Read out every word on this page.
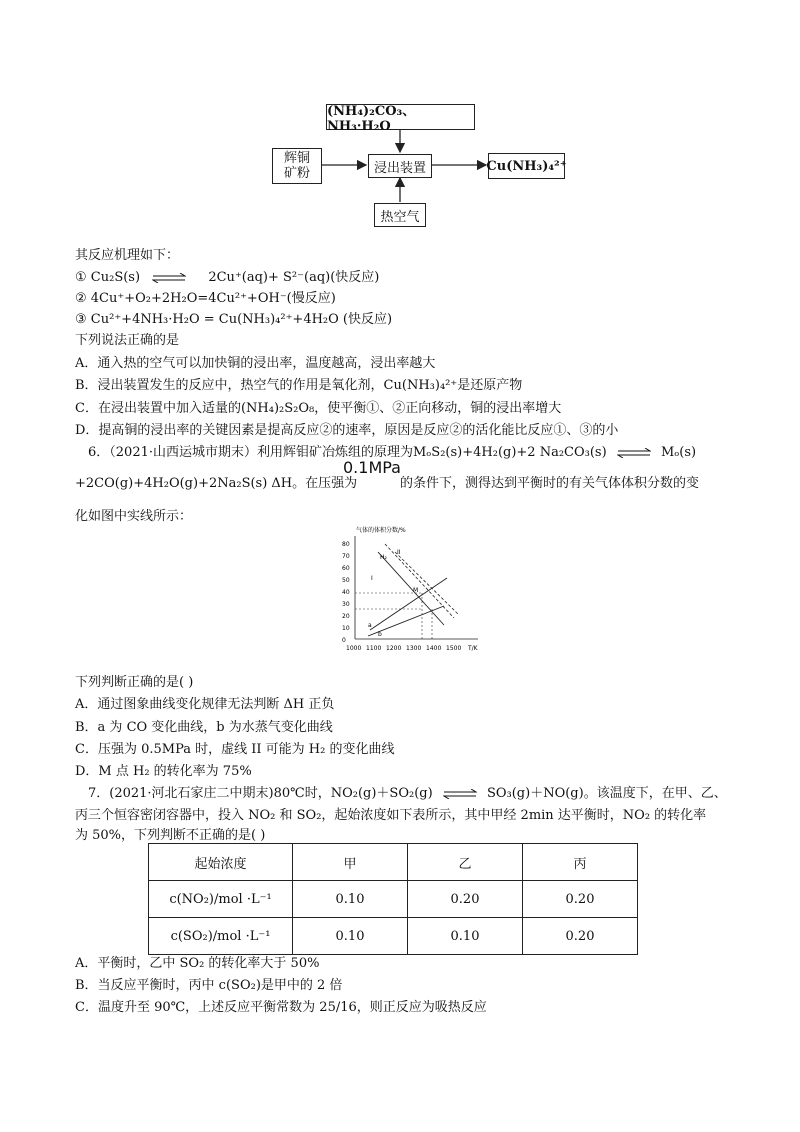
(NH₄)₂CO₃、NH₃·H₂O
辉铜
矿粉	浸出装置	Cu(NH₃)₄²⁺
热空气
其反应机理如下：
① Cu₂S(s) ⇌ 2Cu⁺(aq)+ S²⁻(aq)(快反应)
② 4Cu⁺+O₂+2H₂O=4Cu²⁺+OH⁻(慢反应)
③ Cu²⁺+4NH₃·H₂O = Cu(NH₃)₄²⁺+4H₂O (快反应)
下列说法正确的是
A．通入热的空气可以加快铜的浸出率，温度越高，浸出率越大
B．浸出装置发生的反应中，热空气的作用是氧化剂，Cu(NH₃)₄²⁺是还原产物
C．在浸出装置中加入适量的(NH₄)₂S₂O₈，使平衡①、②正向移动，铜的浸出率增大
D．提高铜的浸出率的关键因素是提高反应②的速率，原因是反应②的活化能比反应①、③的小
6．（2021·山西运城市期末）利用辉钼矿冶炼组的原理为MₒS₂(s)+4H₂(g)+2 Na₂CO₃(s) ⇌ Mₒ(s)
+2CO(g)+4H₂O(g)+2Na₂S(s) ΔH。在压强为
0.1MPa
的条件下，测得达到平衡时的有关气体体积分数的变
化如图中实线所示：
气体的体积分数/%
0
10
20
30
40
50
60
70
80
1000 1100 1200 1300 1400 1500 T/K
H₂
II
I
M
a
b
下列判断正确的是( )
A．通过图象曲线变化规律无法判断 ΔH 正负
B．a 为 CO 变化曲线，b 为水蒸气变化曲线
C．压强为 0.5MPa 时，虚线 II 可能为 H₂ 的变化曲线
D．M 点 H₂ 的转化率为 75%
7．(2021·河北石家庄二中期末)80℃时，NO₂(g)＋SO₂(g) ⇌ SO₃(g)＋NO(g)。该温度下，在甲、乙、
丙三个恒容密闭容器中，投入 NO₂ 和 SO₂，起始浓度如下表所示，其中甲经 2min 达平衡时，NO₂ 的转化率
为 50%，下列判断不正确的是( )
起始浓度	甲	乙	丙
c(NO₂)/mol ·L⁻¹	0.10	0.20	0.20
c(SO₂)/mol ·L⁻¹	0.10	0.10	0.20
A．平衡时，乙中 SO₂ 的转化率大于 50%
B．当反应平衡时，丙中 c(SO₂)是甲中的 2 倍
C．温度升至 90℃，上述反应平衡常数为 25/16，则正反应为吸热反应
